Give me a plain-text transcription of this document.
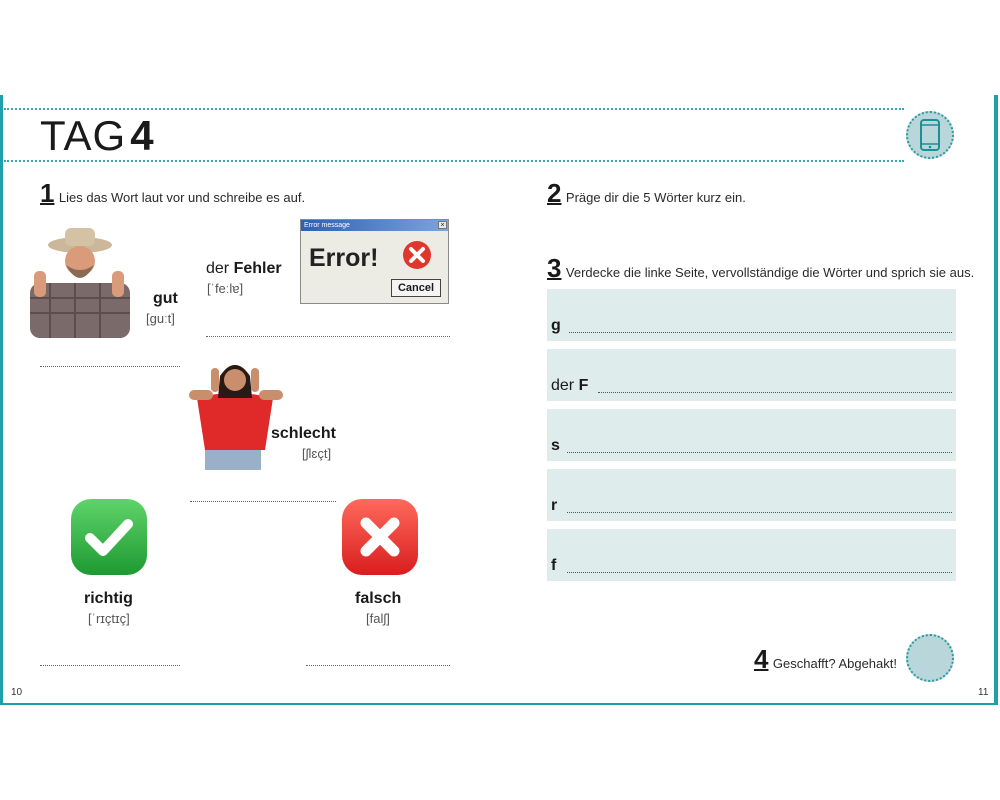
TAG4
1 Lies das Wort laut vor und schreibe es auf.
gut
[guːt]
der Fehler
[ˈfeːlɐ]
Error message	×
Error!
Cancel
schlecht
[ʃlɛçt]
richtig
[ˈrɪçtɪç]
falsch
[falʃ]
10
2 Präge dir die 5 Wörter kurz ein.
3 Verdecke die linke Seite, vervollständige die Wörter und sprich sie aus.
g
der F
s
r
f
4 Geschafft? Abgehakt!
11
